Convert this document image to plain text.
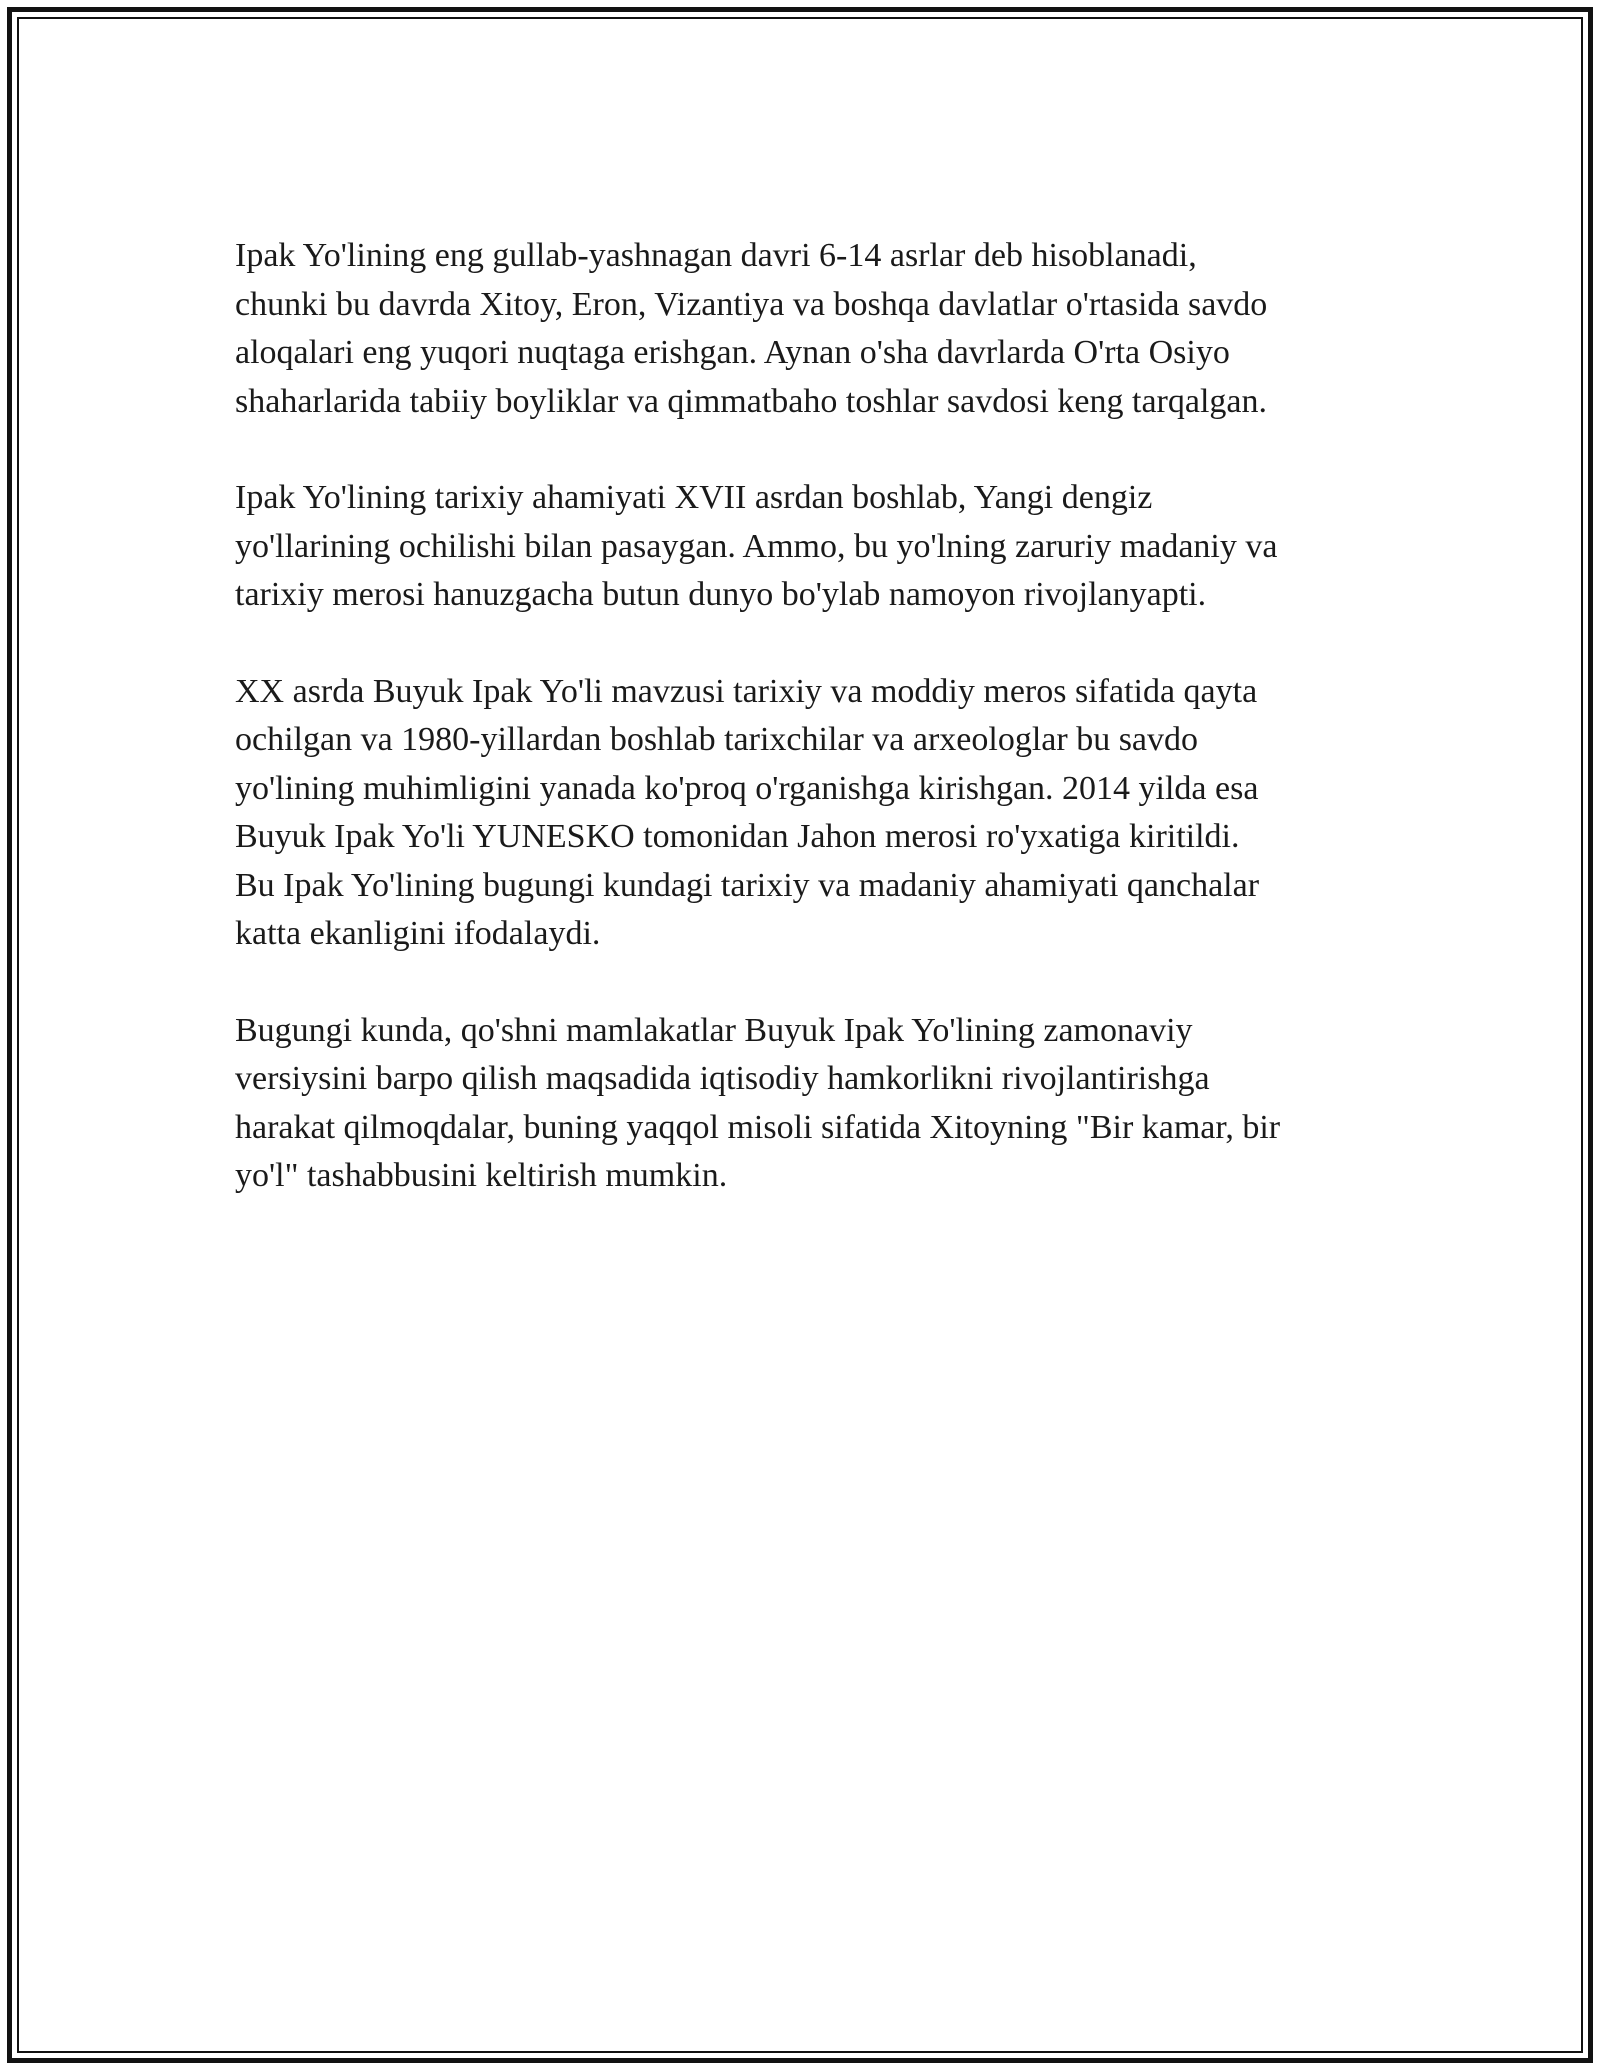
Ipak Yo'lining eng gullab-yashnagan davri 6-14 asrlar deb hisoblanadi,
chunki bu davrda Xitoy, Eron, Vizantiya va boshqa davlatlar o'rtasida savdo
aloqalari eng yuqori nuqtaga erishgan. Aynan o'sha davrlarda O'rta Osiyo
shaharlarida tabiiy boyliklar va qimmatbaho toshlar savdosi keng tarqalgan.

Ipak Yo'lining tarixiy ahamiyati XVII asrdan boshlab, Yangi dengiz
yo'llarining ochilishi bilan pasaygan. Ammo, bu yo'lning zaruriy madaniy va
tarixiy merosi hanuzgacha butun dunyo bo'ylab namoyon rivojlanyapti.

XX asrda Buyuk Ipak Yo'li mavzusi tarixiy va moddiy meros sifatida qayta
ochilgan va 1980-yillardan boshlab tarixchilar va arxeologlar bu savdo
yo'lining muhimligini yanada ko'proq o'rganishga kirishgan. 2014 yilda esa
Buyuk Ipak Yo'li YUNESKO tomonidan Jahon merosi ro'yxatiga kiritildi.
Bu Ipak Yo'lining bugungi kundagi tarixiy va madaniy ahamiyati qanchalar
katta ekanligini ifodalaydi.

Bugungi kunda, qo'shni mamlakatlar Buyuk Ipak Yo'lining zamonaviy
versiysini barpo qilish maqsadida iqtisodiy hamkorlikni rivojlantirishga
harakat qilmoqdalar, buning yaqqol misoli sifatida Xitoyning "Bir kamar, bir
yo'l" tashabbusini keltirish mumkin.
